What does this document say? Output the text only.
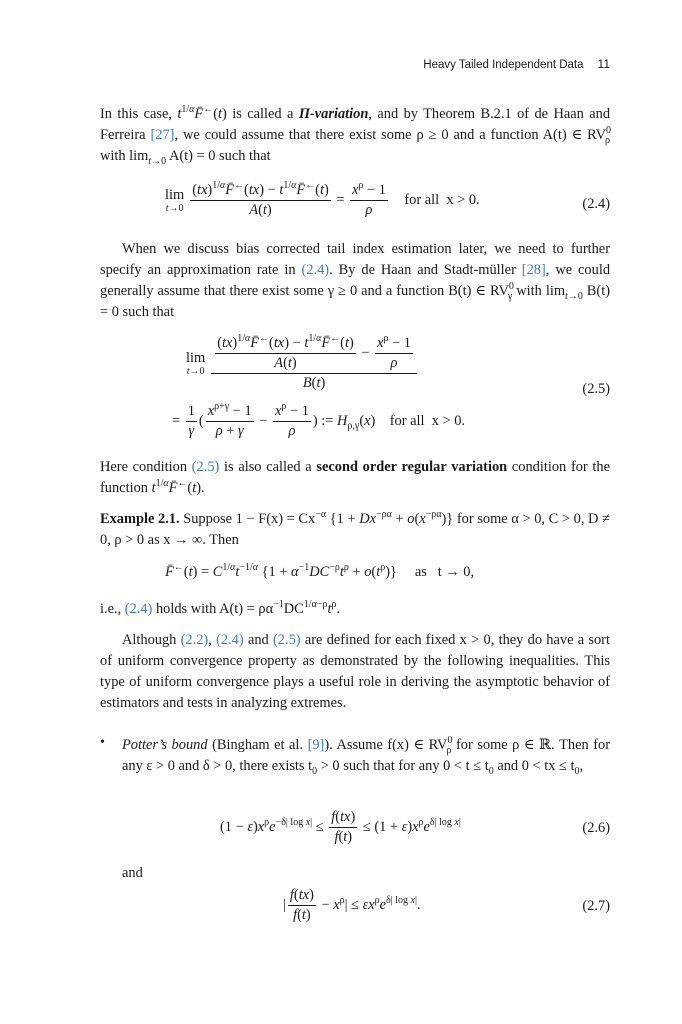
Heavy Tailed Independent Data 11

In this case, $t^{1/\alpha}F̄^\leftarrow(t)$ is called a Π-variation, and by Theorem B.2.1 of de Haan and Ferreira [27], we could assume that there exist some ρ ≥ 0 and a function A(t) ∈ $RV^0_\rho$ with $\lim_{t\to 0} A(t) = 0$ such that

lim
$t\to 0 \frac{(tx)^{1/\alpha}F̄^\leftarrow(tx) - t^{1/\alpha}F̄^\leftarrow(t)}{A(t)} = \frac{x^\rho - 1}{\rho}$ for all x > 0.	(2.4)

When we discuss bias corrected tail index estimation later, we need to further specify an approximation rate in (2.4). By de Haan and Stadt-müller [28], we could generally assume that there exist some γ ≥ 0 and a function B(t) ∈ $RV^0_\gamma$ with $\lim_{t\to 0} B(t) = 0$ such that

lim
$t\to 0 \frac{\frac{(tx)^{1/\alpha}F̄^\leftarrow(tx) - t^{1/\alpha}F̄^\leftarrow(t)}{A(t)} - \frac{x^\rho - 1}{\rho}}{B(t)}$	(2.5)
= $\frac{1}{\gamma}$ ( $\frac{x^{\rho+\gamma} - 1}{\rho + \gamma} - \frac{x^\rho - 1}{\rho}$ ) := $H_{\rho,\gamma}(x)$    for all x > 0.

Here condition (2.5) is also called a second order regular variation condition for the function $t^{1/\alpha}F̄^\leftarrow(t)$.

Example 2.1. Suppose $1 - F(x) = Cx^{-\alpha}$ $\{1 + Dx^{-\rho\alpha} + o(x^{-\rho\alpha})\}$ for some α > 0, C > 0, D ≠ 0, ρ > 0 as x → ∞. Then

F̄←(t) = $C^{1/\alpha}t^{-1/\alpha}$ $\{1 + \alpha^{-1}DC^{-\rho}t^\rho + o(t^\rho)\}$     as t → 0,

i.e., (2.4) holds with $A(t) = \rho\alpha^{-1}DC^{1/\alpha-\rho}t^\rho$.

Although (2.2), (2.4) and (2.5) are defined for each fixed x > 0, they do have a sort of uniform convergence property as demonstrated by the following inequalities. This type of uniform convergence plays a useful role in deriving the asymptotic behavior of estimators and tests in analyzing extremes.

• Potter’s bound (Bingham et al. [9]). Assume f(x) ∈ $RV^0_\rho$ for some ρ ∈ ℝ. Then for any ε > 0 and δ > 0, there exists $t_0 > 0$ such that for any $0 < t \le t_0$ and 0 < tx ≤ $t_0$,

$(1 - \varepsilon)x^\rho e^{-\delta| log x|} \le \frac{f(tx)}{f(t)} \le (1 + \varepsilon)x^\rho e^{\delta| log x|}$	(2.6)

and

| $\frac{f(tx)}{f(t)} - x^\rho| \le \varepsilon x^\rho e^{\delta| log x|}$.	(2.7)
